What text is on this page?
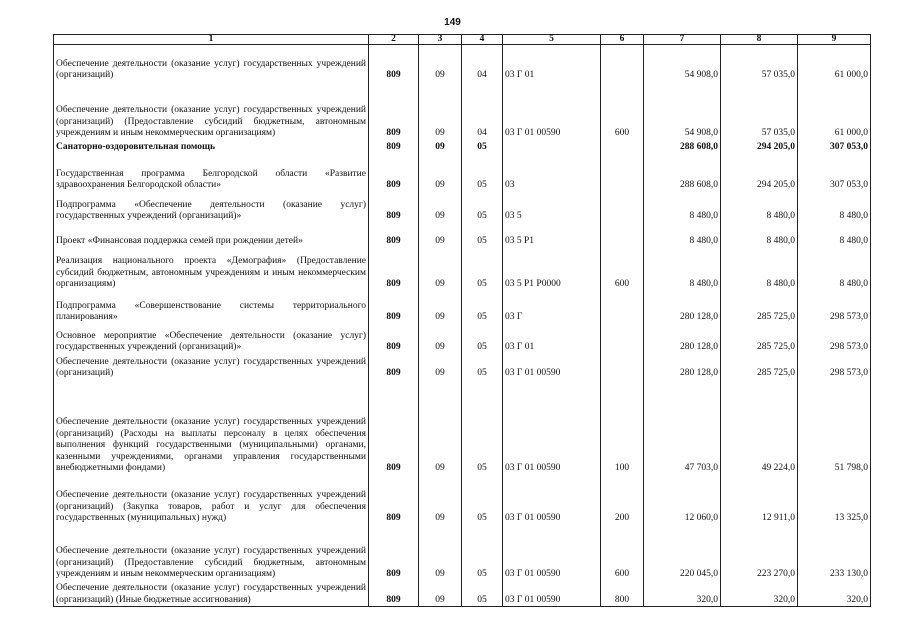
149
1	2	3	4	5	6	7	8	9
Обеспечение деятельности (оказание услуг) государственных учреждений (организаций)	809	09	04	03 Г 01		54 908,0	57 035,0	61 000,0
Обеспечение деятельности (оказание услуг) государственных учреждений (организаций) (Предоставление субсидий бюджетным, автономным учреждениям и иным некоммерческим организациям)	809	09	04	03 Г 01 00590	600	54 908,0	57 035,0	61 000,0
Санаторно-оздоровительная помощь	809	09	05			288 608,0	294 205,0	307 053,0
Государственная программа Белгородской области «Развитие здравоохранения Белгородской области»	809	09	05	03		288 608,0	294 205,0	307 053,0
Подпрограмма «Обеспечение деятельности (оказание услуг) государственных учреждений (организаций)»	809	09	05	03 5		8 480,0	8 480,0	8 480,0
Проект «Финансовая поддержка семей при рождении детей»	809	09	05	03 5 P1		8 480,0	8 480,0	8 480,0
Реализация национального проекта «Демография» (Предоставление субсидий бюджетным, автономным учреждениям и иным некоммерческим организациям)	809	09	05	03 5 P1 P0000	600	8 480,0	8 480,0	8 480,0
Подпрограмма «Совершенствование системы территориального планирования»	809	09	05	03 Г		280 128,0	285 725,0	298 573,0
Основное мероприятие «Обеспечение деятельности (оказание услуг) государственных учреждений (организаций)»	809	09	05	03 Г 01		280 128,0	285 725,0	298 573,0
Обеспечение деятельности (оказание услуг) государственных учреждений (организаций)	809	09	05	03 Г 01 00590		280 128,0	285 725,0	298 573,0
Обеспечение деятельности (оказание услуг) государственных учреждений (организаций) (Расходы на выплаты персоналу в целях обеспечения выполнения функций государственными (муниципальными) органами, казенными учреждениями, органами управления государственными внебюджетными фондами)	809	09	05	03 Г 01 00590	100	47 703,0	49 224,0	51 798,0
Обеспечение деятельности (оказание услуг) государственных учреждений (организаций) (Закупка товаров, работ и услуг для обеспечения государственных (муниципальных) нужд)	809	09	05	03 Г 01 00590	200	12 060,0	12 911,0	13 325,0
Обеспечение деятельности (оказание услуг) государственных учреждений (организаций) (Предоставление субсидий бюджетным, автономным учреждениям и иным некоммерческим организациям)	809	09	05	03 Г 01 00590	600	220 045,0	223 270,0	233 130,0
Обеспечение деятельности (оказание услуг) государственных учреждений (организаций) (Иные бюджетные ассигнования)	809	09	05	03 Г 01 00590	800	320,0	320,0	320,0
